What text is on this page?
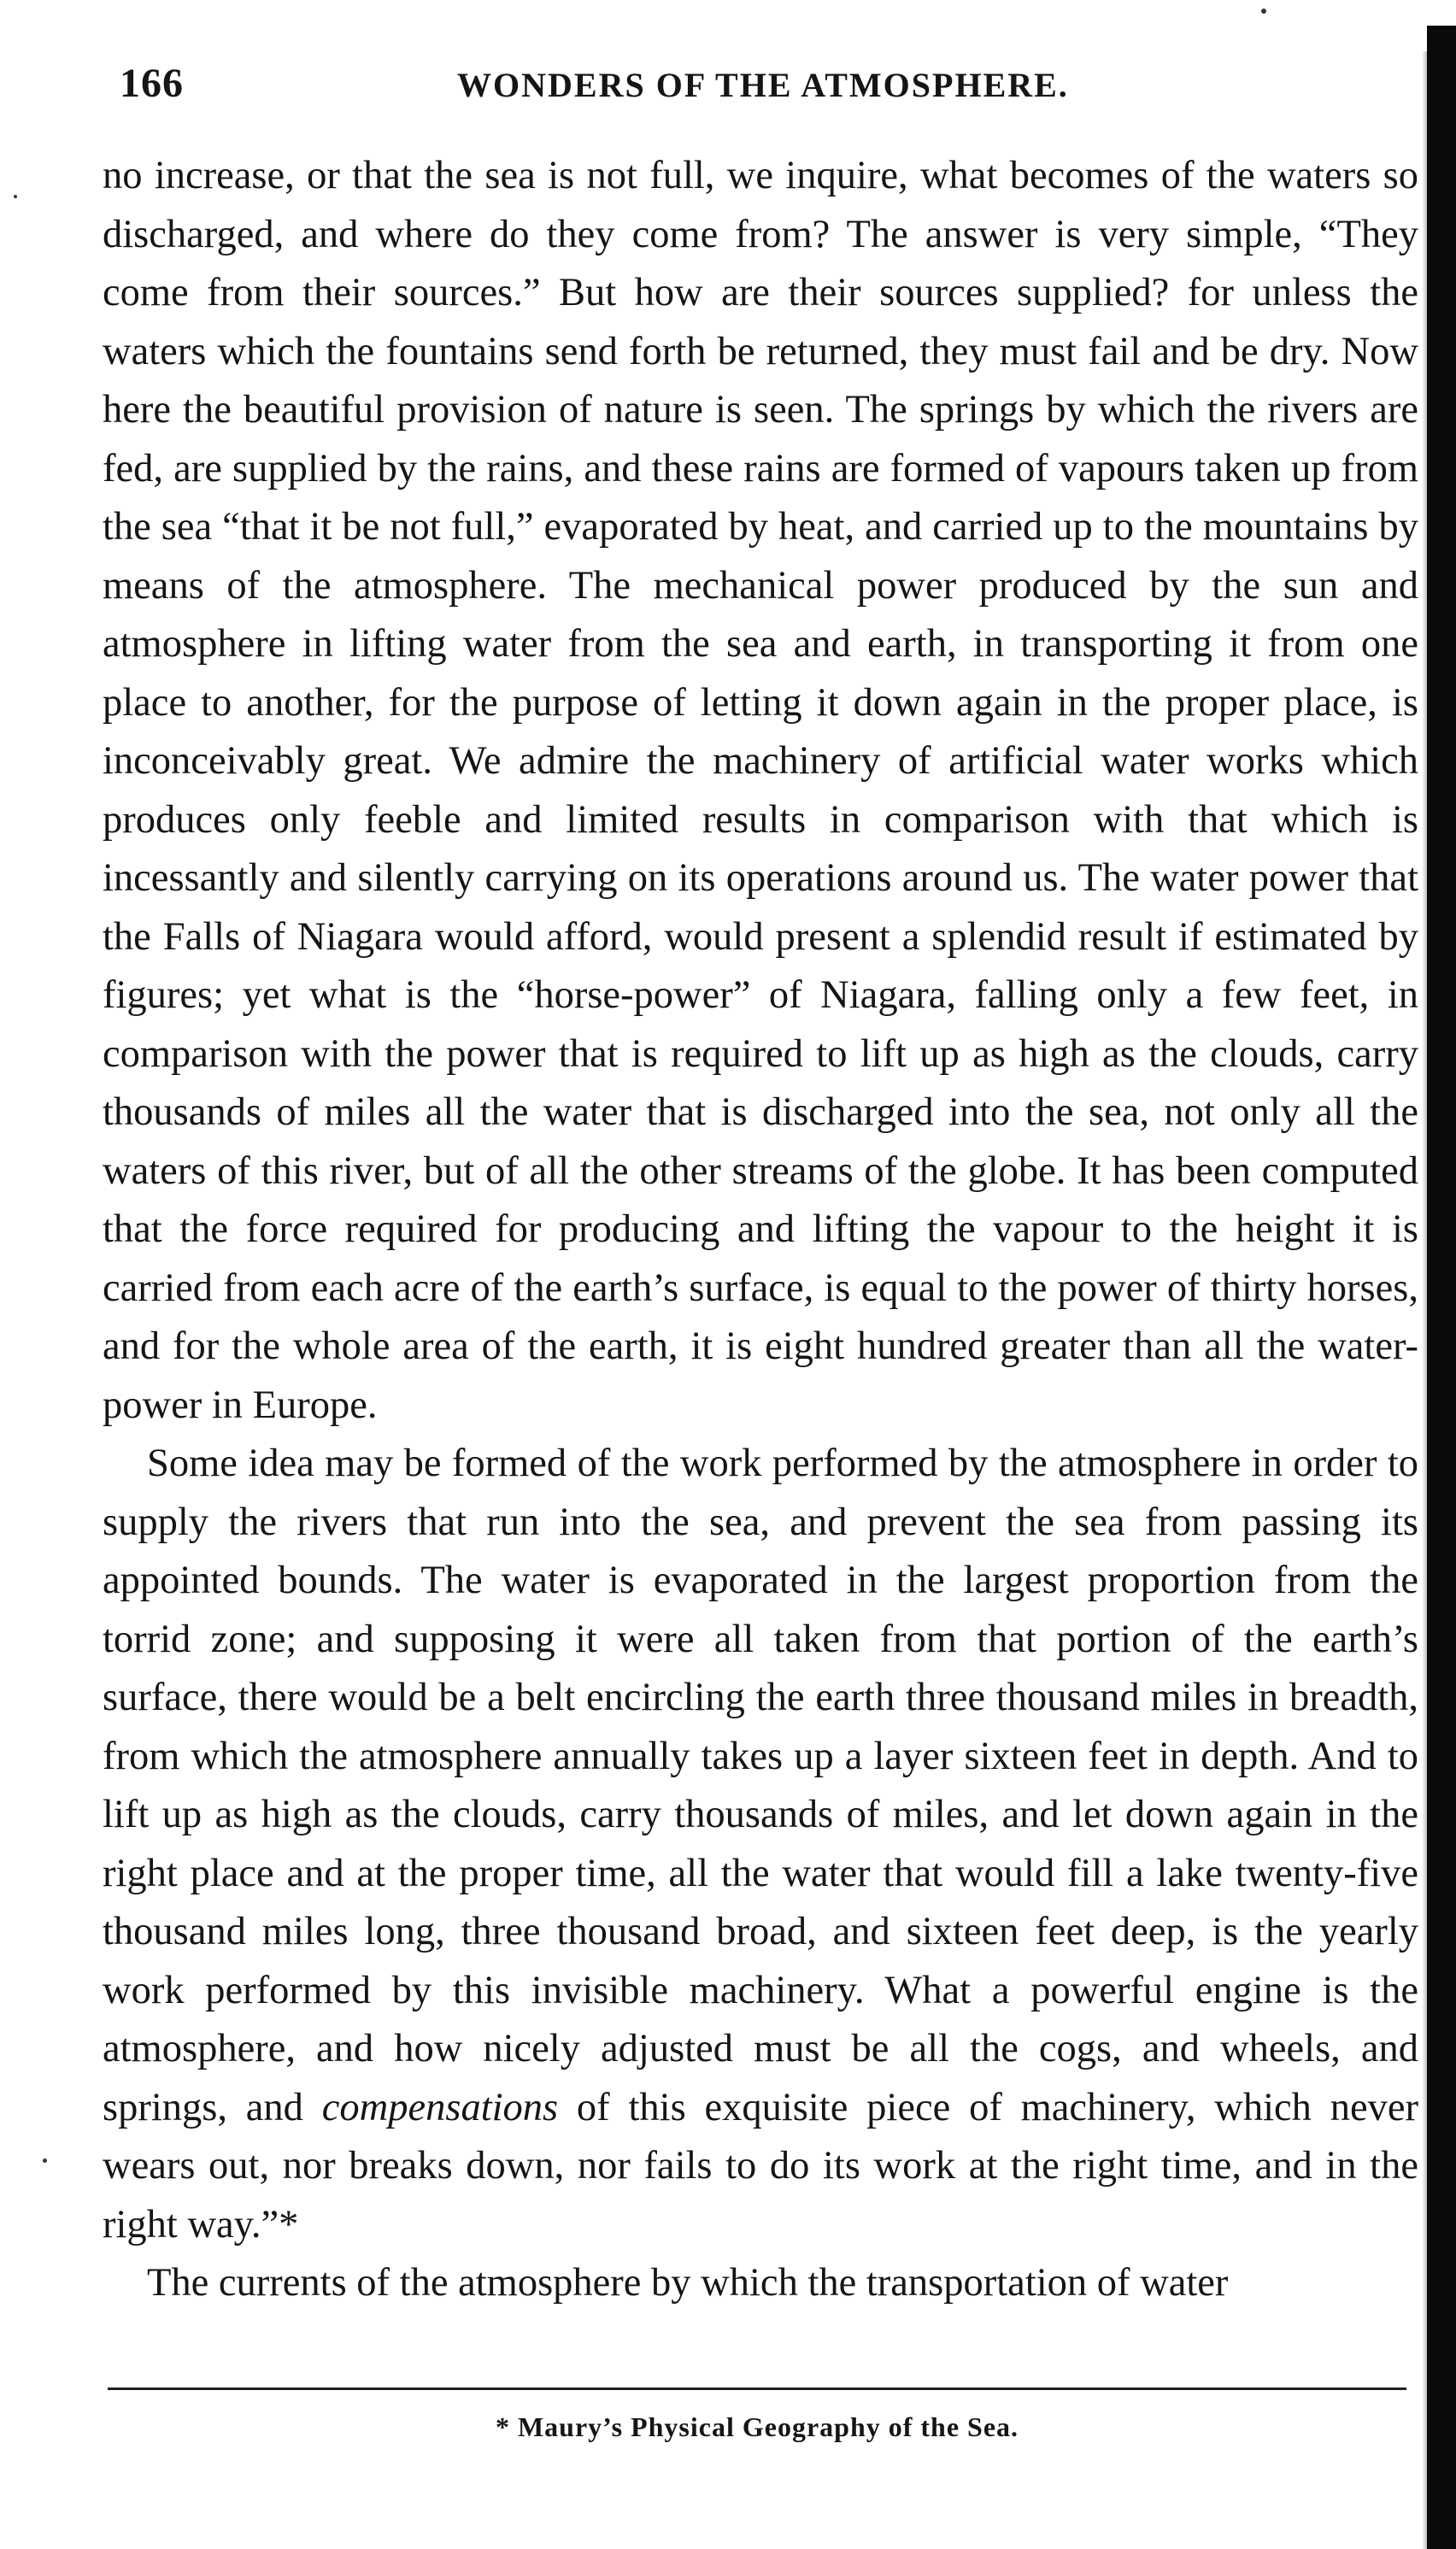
166	WONDERS OF THE ATMOSPHERE.

no increase, or that the sea is not full, we inquire, what becomes of the waters so discharged, and where do they come from? The answer is very simple, “They come from their sources.” But how are their sources supplied? for unless the waters which the fountains send forth be returned, they must fail and be dry. Now here the beautiful provision of nature is seen. The springs by which the rivers are fed, are supplied by the rains, and these rains are formed of vapours taken up from the sea “that it be not full,” evaporated by heat, and carried up to the mountains by means of the atmosphere. The mechanical power produced by the sun and atmosphere in lifting water from the sea and earth, in transporting it from one place to another, for the purpose of letting it down again in the proper place, is inconceivably great. We admire the machinery of artificial water works which produces only feeble and limited results in comparison with that which is incessantly and silently carrying on its operations around us. The water power that the Falls of Niagara would afford, would present a splendid result if estimated by figures; yet what is the “horse-power” of Niagara, falling only a few feet, in comparison with the power that is required to lift up as high as the clouds, carry thousands of miles all the water that is discharged into the sea, not only all the waters of this river, but of all the other streams of the globe. It has been computed that the force required for producing and lifting the vapour to the height it is carried from each acre of the earth’s surface, is equal to the power of thirty horses, and for the whole area of the earth, it is eight hundred greater than all the water-power in Europe.

Some idea may be formed of the work performed by the atmosphere in order to supply the rivers that run into the sea, and prevent the sea from passing its appointed bounds. The water is evaporated in the largest proportion from the torrid zone; and supposing it were all taken from that portion of the earth’s surface, there would be a belt encircling the earth three thousand miles in breadth, from which the atmosphere annually takes up a layer sixteen feet in depth. And to lift up as high as the clouds, carry thousands of miles, and let down again in the right place and at the proper time, all the water that would fill a lake twenty-five thousand miles long, three thousand broad, and sixteen feet deep, is the yearly work performed by this invisible machinery. What a powerful engine is the atmosphere, and how nicely adjusted must be all the cogs, and wheels, and springs, and compensations of this exquisite piece of machinery, which never wears out, nor breaks down, nor fails to do its work at the right time, and in the right way.”*

The currents of the atmosphere by which the transportation of water

* Maury’s Physical Geography of the Sea.
